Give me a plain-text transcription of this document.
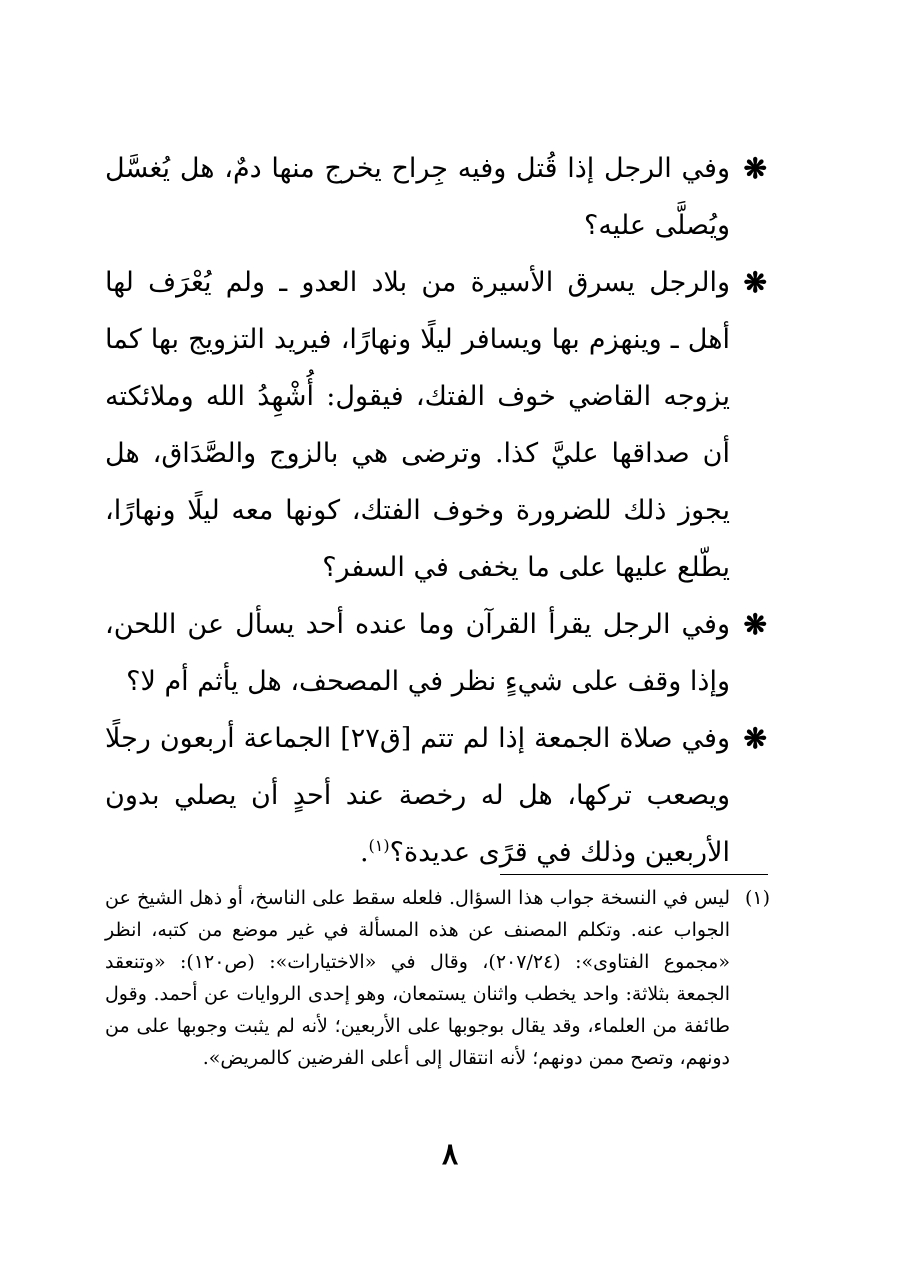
❋
وفي الرجل إذا قُتل وفيه جِراح يخرج منها دمٌ، هل يُغسَّل ويُصلَّى عليه؟

❋
والرجل يسرق الأسيرة من بلاد العدو ـ ولم يُعْرَف لها أهل ـ وينهزم بها ويسافر ليلًا ونهارًا، فيريد التزويج بها كما يزوجه القاضي خوف الفتك، فيقول: أُشْهِدُ الله وملائكته أن صداقها عليَّ كذا. وترضى هي بالزوج والصَّدَاق، هل يجوز ذلك للضرورة وخوف الفتك، كونها معه ليلًا ونهارًا، يطّلع عليها على ما يخفى في السفر؟

❋
وفي الرجل يقرأ القرآن وما عنده أحد يسأل عن اللحن، وإذا وقف على شيءٍ نظر في المصحف، هل يأثم أم لا؟

❋
وفي صلاة الجمعة إذا لم تتم [ق٢٧] الجماعة أربعون رجلًا ويصعب تركها، هل له رخصة عند أحدٍ أن يصلي بدون الأربعين وذلك في قرًى عديدة؟$^{(١)}$.

(١)
ليس في النسخة جواب هذا السؤال. فلعله سقط على الناسخ، أو ذهل الشيخ عن الجواب عنه. وتكلم المصنف عن هذه المسألة في غير موضع من كتبه، انظر «مجموع الفتاوى»: (٢٠٧/٢٤)، وقال في «الاختيارات»: (ص١٢٠): «وتنعقد الجمعة بثلاثة: واحد يخطب واثنان يستمعان، وهو إحدى الروايات عن أحمد. وقول طائفة من العلماء، وقد يقال بوجوبها على الأربعين؛ لأنه لم يثبت وجوبها على من دونهم، وتصح ممن دونهم؛ لأنه انتقال إلى أعلى الفرضين كالمريض».
٨
